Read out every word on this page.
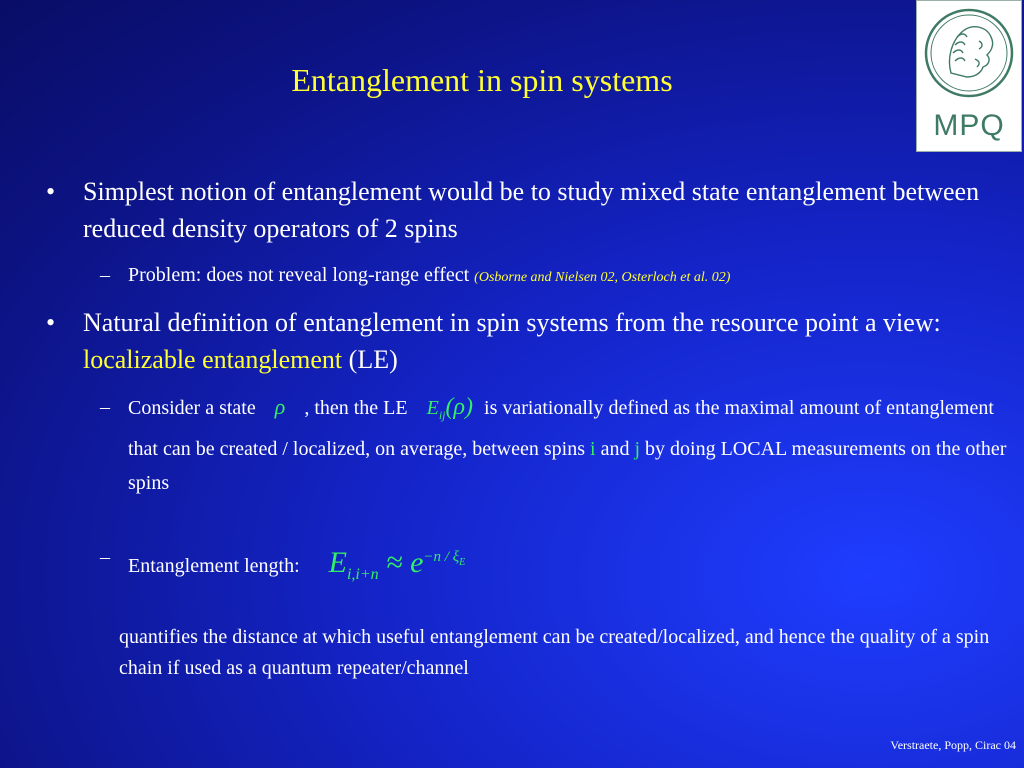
Entanglement in spin systems
MPQ
• Simplest notion of entanglement would be to study mixed state entanglement between reduced density operators of 2 spins
– Problem: does not reveal long-range effect (Osborne and Nielsen 02, Osterloch et al. 02)
• Natural definition of entanglement in spin systems from the resource point a view: localizable entanglement (LE)
– Consider a state ρ , then the LE $E_{ij}(\rho)$ is variationally defined as the maximal amount of entanglement that can be created / localized, on average, between spins i and j by doing LOCAL measurements on the other spins
– Entanglement length: $E_{i,i+n} \approx e^{-n / \xi_E}$
quantifies the distance at which useful entanglement can be created/localized, and hence the quality of a spin chain if used as a quantum repeater/channel
Verstraete, Popp, Cirac 04
